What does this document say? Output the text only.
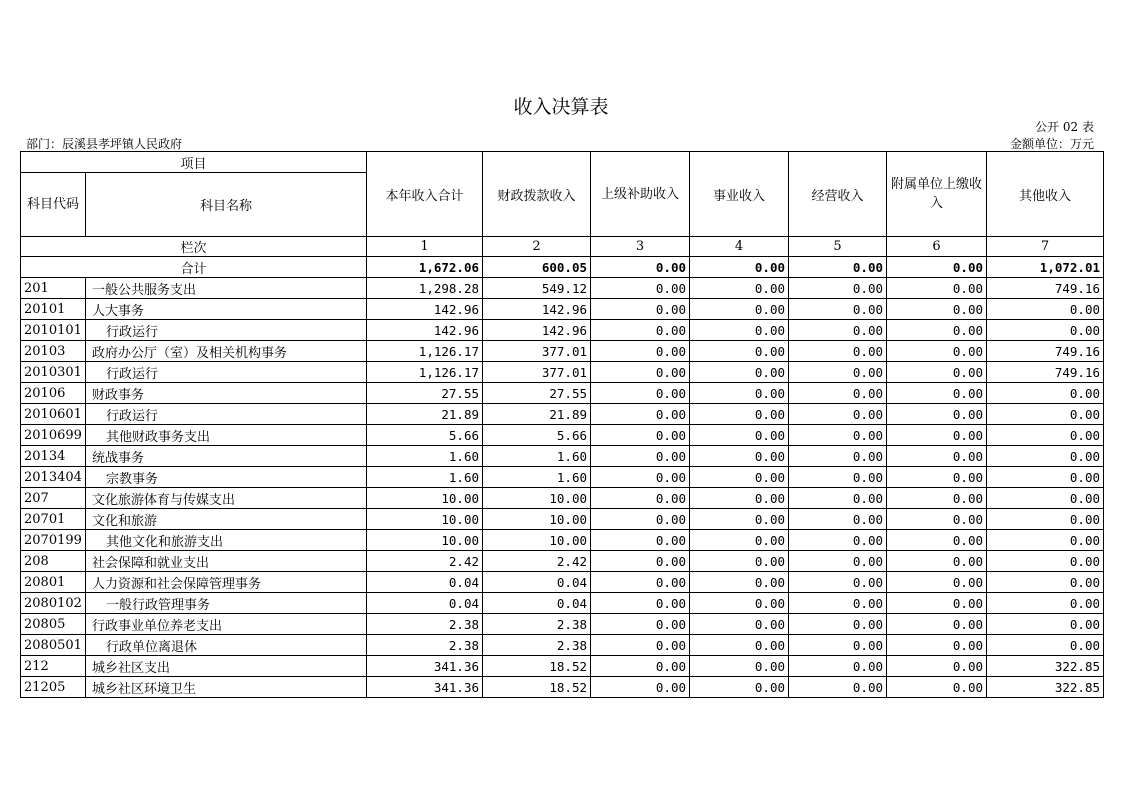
收入决算表
公开 02 表
部门：辰溪县孝坪镇人民政府	金额单位：万元
项目		本年收入合计	财政拨款收入	上级补助收入	事业收入	经营收入	附属单位上缴收入	其他收入
科目代码	科目名称							
栏次		1	2	3	4	5	6	7
合计		1,672.06	600.05	0.00	0.00	0.00	0.00	1,072.01
201	一般公共服务支出	1,298.28	549.12	0.00	0.00	0.00	0.00	749.16
20101	人大事务	142.96	142.96	0.00	0.00	0.00	0.00	0.00
2010101	行政运行	142.96	142.96	0.00	0.00	0.00	0.00	0.00
20103	政府办公厅（室）及相关机构事务	1,126.17	377.01	0.00	0.00	0.00	0.00	749.16
2010301	行政运行	1,126.17	377.01	0.00	0.00	0.00	0.00	749.16
20106	财政事务	27.55	27.55	0.00	0.00	0.00	0.00	0.00
2010601	行政运行	21.89	21.89	0.00	0.00	0.00	0.00	0.00
2010699	其他财政事务支出	5.66	5.66	0.00	0.00	0.00	0.00	0.00
20134	统战事务	1.60	1.60	0.00	0.00	0.00	0.00	0.00
2013404	宗教事务	1.60	1.60	0.00	0.00	0.00	0.00	0.00
207	文化旅游体育与传媒支出	10.00	10.00	0.00	0.00	0.00	0.00	0.00
20701	文化和旅游	10.00	10.00	0.00	0.00	0.00	0.00	0.00
2070199	其他文化和旅游支出	10.00	10.00	0.00	0.00	0.00	0.00	0.00
208	社会保障和就业支出	2.42	2.42	0.00	0.00	0.00	0.00	0.00
20801	人力资源和社会保障管理事务	0.04	0.04	0.00	0.00	0.00	0.00	0.00
2080102	一般行政管理事务	0.04	0.04	0.00	0.00	0.00	0.00	0.00
20805	行政事业单位养老支出	2.38	2.38	0.00	0.00	0.00	0.00	0.00
2080501	行政单位离退休	2.38	2.38	0.00	0.00	0.00	0.00	0.00
212	城乡社区支出	341.36	18.52	0.00	0.00	0.00	0.00	322.85
21205	城乡社区环境卫生	341.36	18.52	0.00	0.00	0.00	0.00	322.85
